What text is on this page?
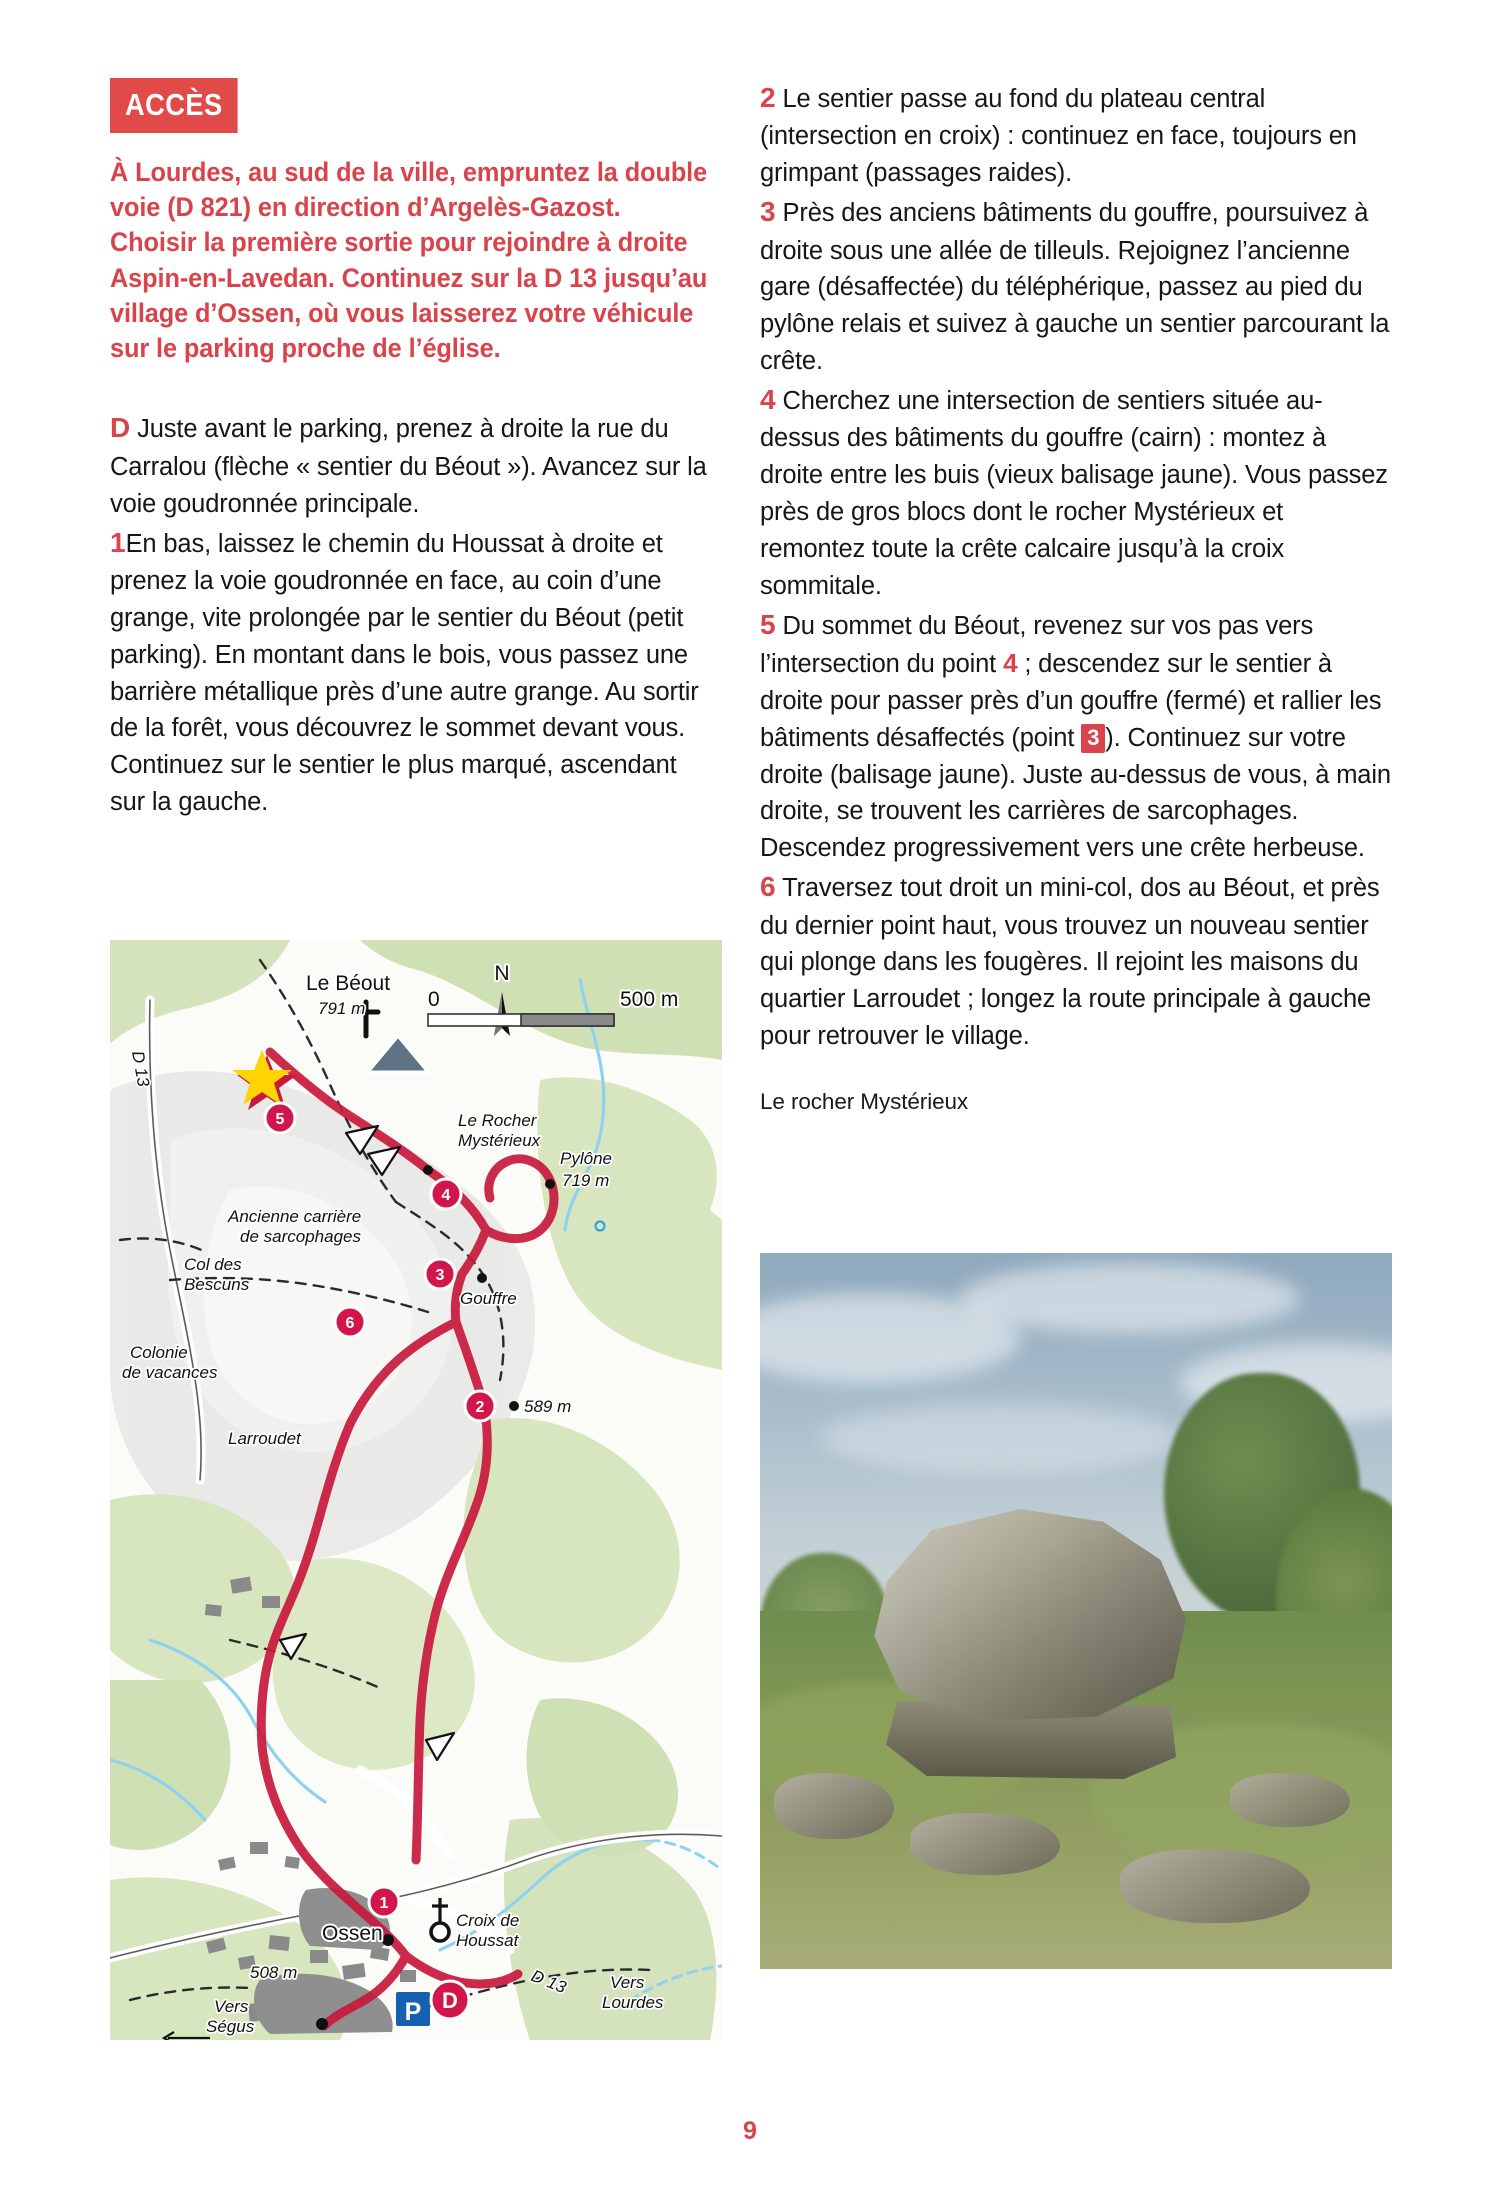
ACCÈS
À Lourdes, au sud de la ville, empruntez la double voie (D 821) en direction d’Argelès-Gazost. Choisir la première sortie pour rejoindre à droite Aspin-en-Lavedan. Continuez sur la D 13 jusqu’au village d’Ossen, où vous laisserez votre véhicule sur le parking proche de l’église.

D Juste avant le parking, prenez à droite la rue du Carralou (flèche « sentier du Béout »). Avancez sur la voie goudronnée principale.

1En bas, laissez le chemin du Houssat à droite et prenez la voie goudronnée en face, au coin d’une grange, vite prolongée par le sentier du Béout (petit parking). En montant dans le bois, vous passez une barrière métallique près d’une autre grange. Au sortir de la forêt, vous découvrez le sommet devant vous. Continuez sur le sentier le plus marqué, ascendant sur la gauche.

2 Le sentier passe au fond du plateau central (intersection en croix) : continuez en face, toujours en grimpant (passages raides).

3 Près des anciens bâtiments du gouffre, poursuivez à droite sous une allée de tilleuls. Rejoignez l’ancienne gare (désaffectée) du téléphérique, passez au pied du pylône relais et suivez à gauche un sentier parcourant la crête.

4 Cherchez une intersection de sentiers située au-dessus des bâtiments du gouffre (cairn) : montez à droite entre les buis (vieux balisage jaune). Vous passez près de gros blocs dont le rocher Mystérieux et remontez toute la crête calcaire jusqu’à la croix sommitale.

5 Du sommet du Béout, revenez sur vos pas vers l’intersection du point 4 ; descendez sur le sentier à droite pour passer près d’un gouffre (fermé) et rallier les bâtiments désaffectés (point 3 ). Continuez sur votre droite (balisage jaune). Juste au-dessus de vous, à main droite, se trouvent les carrières de sarcophages. Descendez progressivement vers une crête herbeuse.

6 Traversez tout droit un mini-col, dos au Béout, et près du dernier point haut, vous trouvez un nouveau sentier qui plonge dans les fougères. Il rejoint les maisons du quartier Larroudet ; longez la route principale à gauche pour retrouver le village.

Le rocher Mystérieux
5
4
3
6
2
1
P D
N
0	500 m
Le Béout
791 m
Le Rocher
Mystérieux
Pylône
719 m
Ancienne carrière
de sarcophages
Gouffre
Col des
Bescuns
Colonie
de vacances
Larroudet
Ossen
Croix de
Houssat
589 m
508 m
Vers
Lourdes
Vers
Ségus
D 13
D 13
9
